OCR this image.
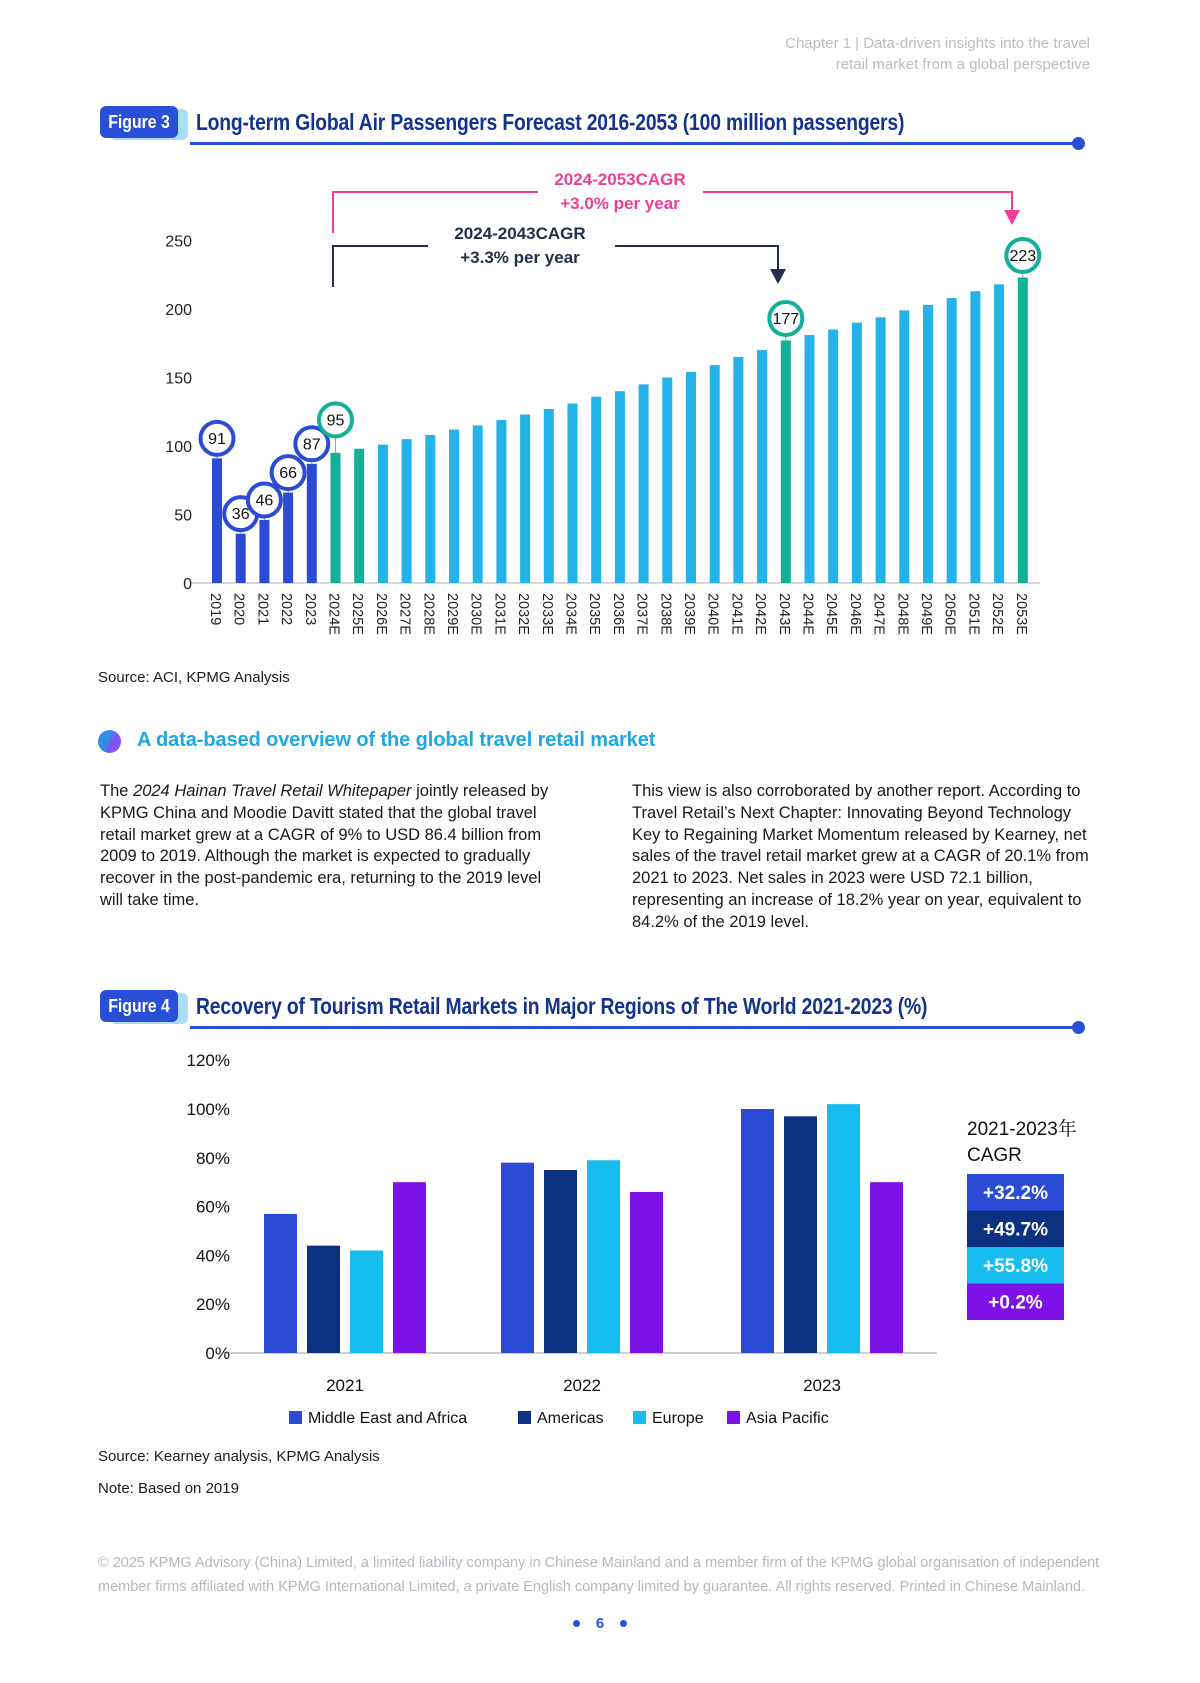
Chapter 1 | Data-driven insights into the travel
retail market from a global perspective
Figure 3 Long-term Global Air Passengers Forecast 2016-2053 (100 million passengers)
2024-2043CAGR
+3.3% per year
2024-2053CAGR
+3.0% per year
0
50
100
150
200
250
2019 2020 2021 2022 2023 2024E 2025E 2026E 2027E 2028E 2029E 2030E 2031E 2032E 2033E 2034E 2035E 2036E 2037E 2038E 2039E 2040E 2041E 2042E 2043E 2044E 2045E 2046E 2047E 2048E 2049E 2050E 2051E 2052E 2053E
91
36
46
66
87
95
177
223
Source: ACI, KPMG Analysis
A data-based overview of the global travel retail market
The 2024 Hainan Travel Retail Whitepaper jointly released by KPMG China and Moodie Davitt stated that the global travel retail market grew at a CAGR of 9% to USD 86.4 billion from 2009 to 2019. Although the market is expected to gradually recover in the post-pandemic era, returning to the 2019 level will take time.
This view is also corroborated by another report. According to Travel Retail’s Next Chapter: Innovating Beyond Technology Key to Regaining Market Momentum released by Kearney, net sales of the travel retail market grew at a CAGR of 20.1% from 2021 to 2023. Net sales in 2023 were USD 72.1 billion, representing an increase of 18.2% year on year, equivalent to 84.2% of the 2019 level.
Figure 4 Recovery of Tourism Retail Markets in Major Regions of The World 2021-2023 (%)
0%
20%
40%
60%
80%
100%
120%
2021	2022	2023
Middle East and Africa	Americas	Europe	Asia Pacific
2021-2023年
CAGR
+32.2%
+49.7%
+55.8%
+0.2%
Source: Kearney analysis, KPMG Analysis
Note: Based on 2019
© 2025 KPMG Advisory (China) Limited, a limited liability company in Chinese Mainland and a member firm of the KPMG global organisation of independent member firms affiliated with KPMG International Limited, a private English company limited by guarantee. All rights reserved. Printed in Chinese Mainland.
6
